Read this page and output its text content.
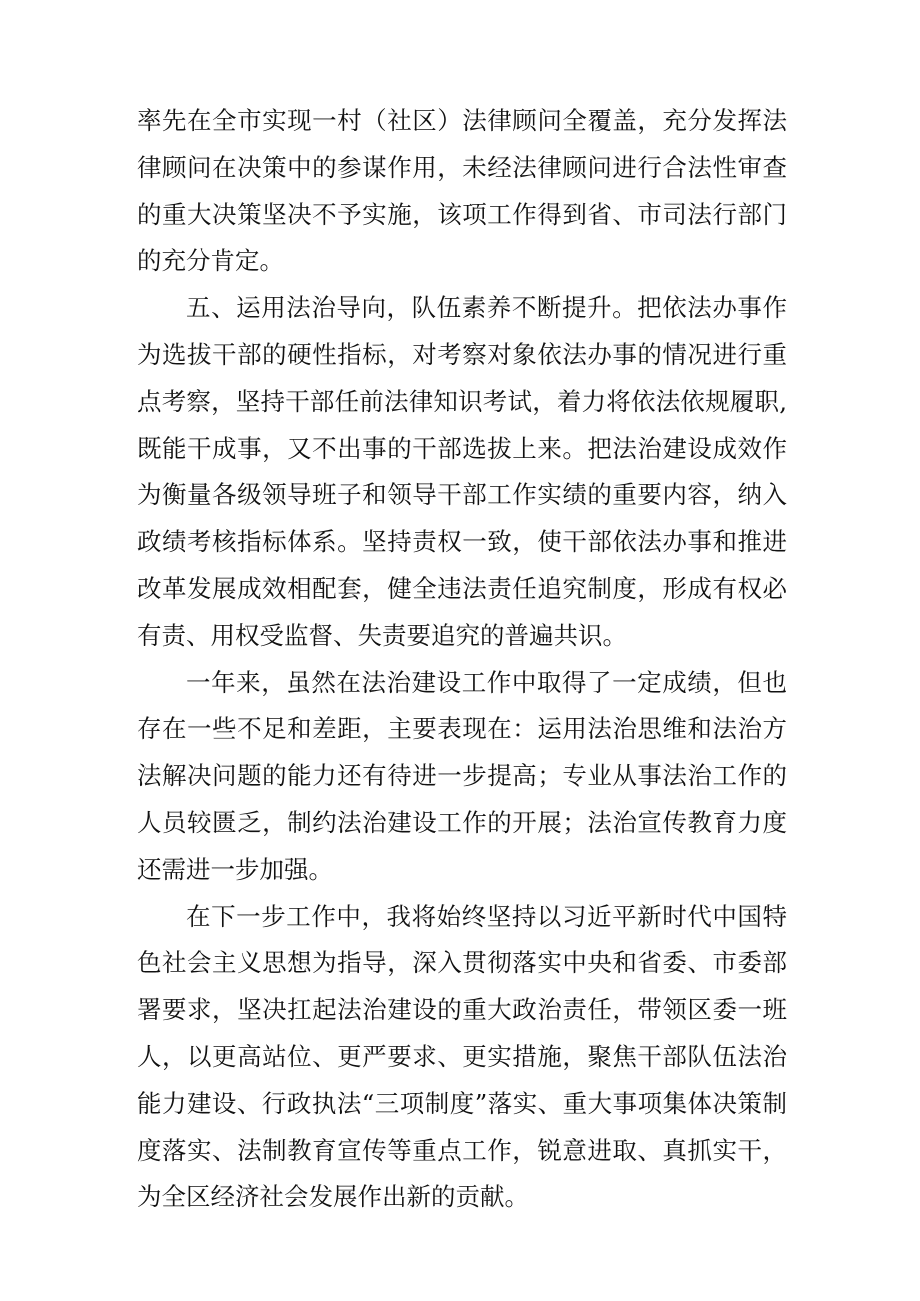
率先在全市实现一村（社区）法律顾问全覆盖，充分发挥法律顾问在决策中的参谋作用，未经法律顾问进行合法性审查的重大决策坚决不予实施，该项工作得到省、市司法行部门的充分肯定。

五、运用法治导向，队伍素养不断提升。把依法办事作为选拔干部的硬性指标，对考察对象依法办事的情况进行重点考察，坚持干部任前法律知识考试，着力将依法依规履职,既能干成事，又不出事的干部选拔上来。把法治建设成效作为衡量各级领导班子和领导干部工作实绩的重要内容，纳入政绩考核指标体系。坚持责权一致，使干部依法办事和推进改革发展成效相配套，健全违法责任追究制度，形成有权必有责、用权受监督、失责要追究的普遍共识。

一年来，虽然在法治建设工作中取得了一定成绩，但也存在一些不足和差距，主要表现在：运用法治思维和法治方法解决问题的能力还有待进一步提高；专业从事法治工作的人员较匮乏，制约法治建设工作的开展；法治宣传教育力度还需进一步加强。

在下一步工作中，我将始终坚持以习近平新时代中国特色社会主义思想为指导，深入贯彻落实中央和省委、市委部署要求，坚决扛起法治建设的重大政治责任，带领区委一班人，以更高站位、更严要求、更实措施，聚焦干部队伍法治能力建设、行政执法“三项制度”落实、重大事项集体决策制度落实、法制教育宣传等重点工作，锐意进取、真抓实干，为全区经济社会发展作出新的贡献。
